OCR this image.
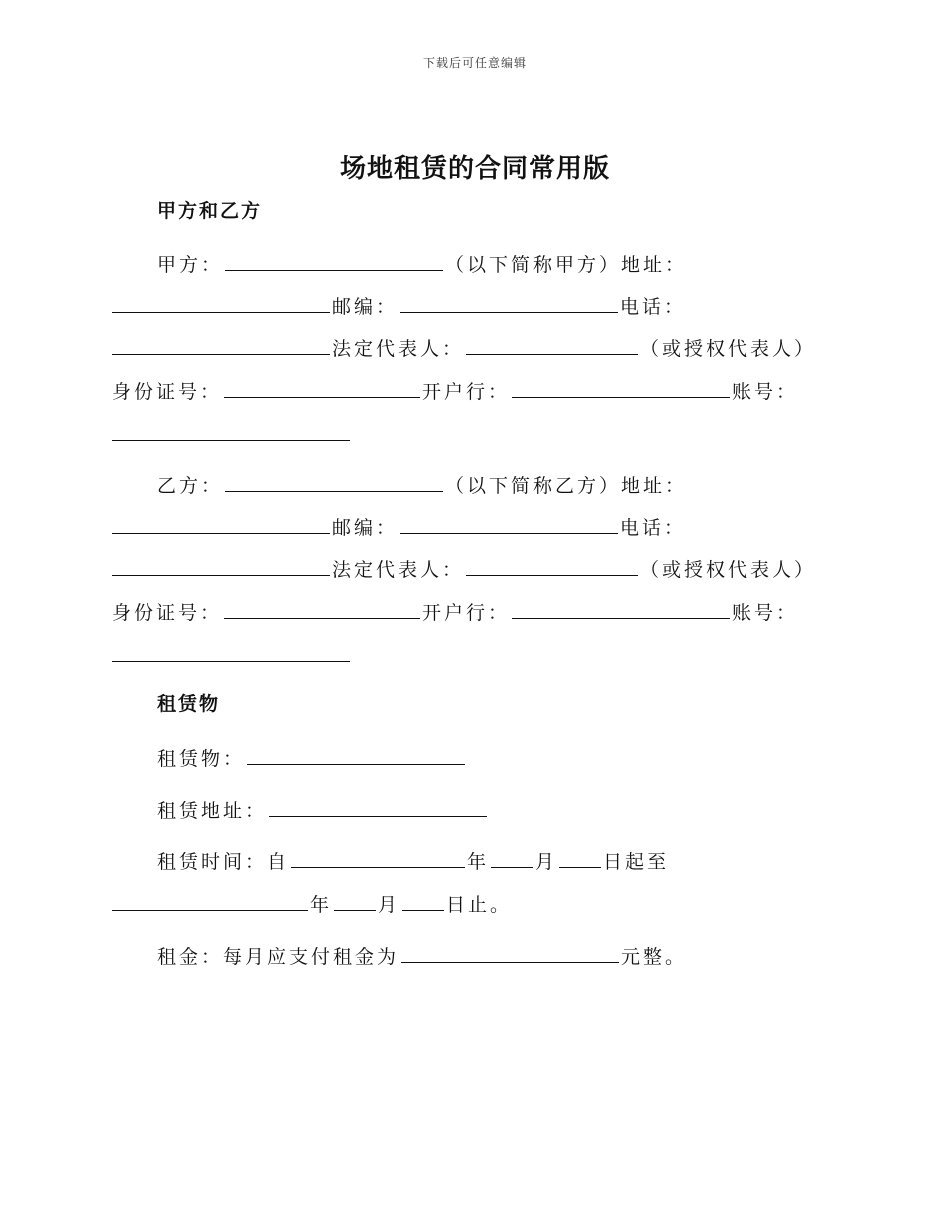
下载后可任意编辑
场地租赁的合同常用版
甲方和乙方
甲方：	（以下简称甲方）地址：
邮编：	电话：
法定代表人：	（或授权代表人）
身份证号：	开户行：	账号：
乙方：	（以下简称乙方）地址：
邮编：	电话：
法定代表人：	（或授权代表人）
身份证号：	开户行：	账号：
租赁物
租赁物：
租赁地址：
租赁时间：自	年 月 日起至
年 月 日止。
租金：每月应支付租金为	元整。
